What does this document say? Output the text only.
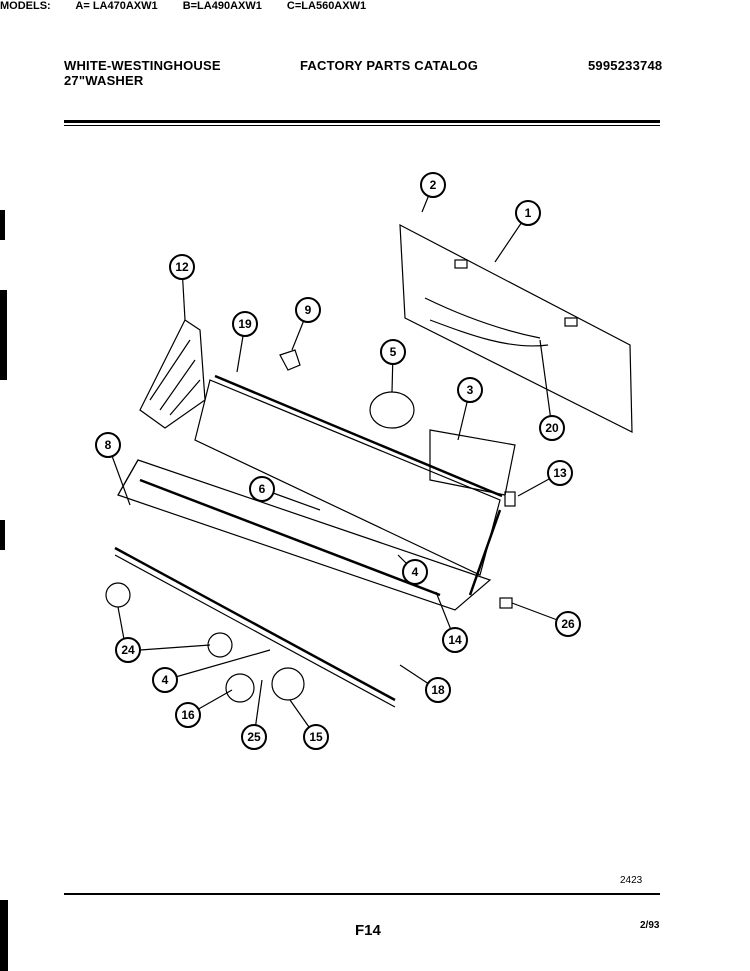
WHITE-WESTINGHOUSE
27"WASHER
FACTORY PARTS CATALOG	5995233748
MODELS: A= LA470AXW1 B=LA490AXW1 C=LA560AXW1
1
2
3
4
5
6
8
9
12
13
14
15
16
18
19
20
24
25
26
4
2423
F14	2/93
